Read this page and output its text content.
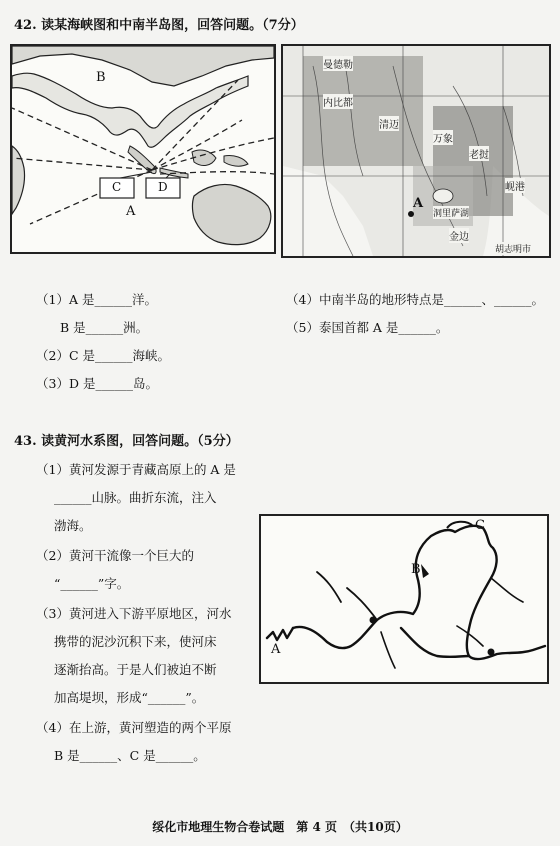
42. 读某海峡图和中南半岛图，回答问题。（7分）
B
C	D
A
曼德勒
内比都
清迈
万象
老挝
金边
岘港
洞里萨湖
胡志明市
A
（1）A 是______洋。
B 是______洲。
（2）C 是______海峡。
（3）D 是______岛。
（4）中南半岛的地形特点是______、______。
（5）泰国首都 A 是______。
43. 读黄河水系图，回答问题。（5分）
（1）黄河发源于青藏高原上的 A 是
______山脉。曲折东流，注入
渤海。
（2）黄河干流像一个巨大的
“______”字。
（3）黄河进入下游平原地区，河水
携带的泥沙沉积下来，使河床
逐渐抬高。于是人们被迫不断
加高堤坝，形成“______”。
（4）在上游，黄河塑造的两个平原
B 是______、C 是______。
A
B
C
绥化市地理生物合卷试题　第 4 页　（共10页）
